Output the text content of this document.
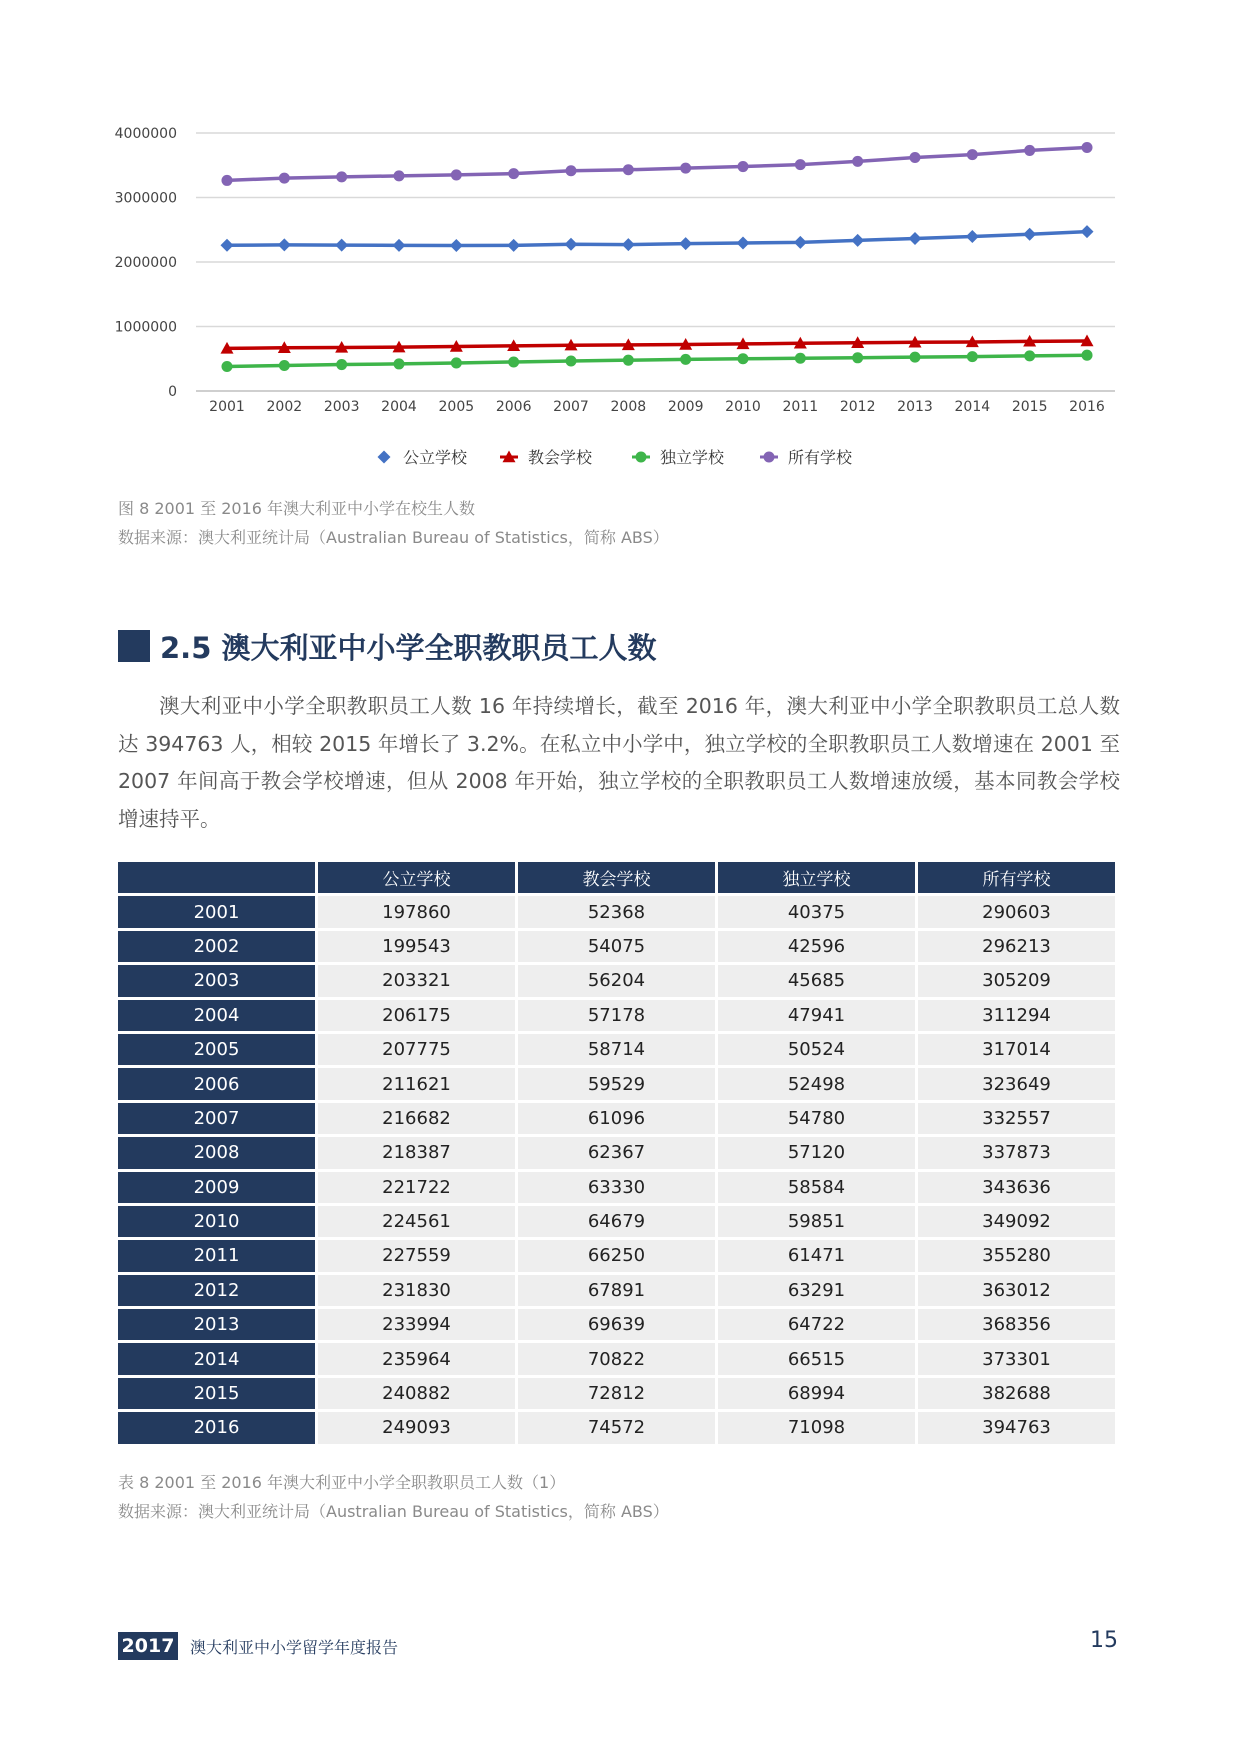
0
1000000
2000000
3000000
4000000
2001 2002 2003 2004 2005 2006 2007 2008 2009 2010 2011 2012 2013 2014 2015 2016
公立学校	教会学校	独立学校	所有学校
图 8 2001 至 2016 年澳大利亚中小学在校生人数
数据来源：澳大利亚统计局（Australian Bureau of Statistics，简称 ABS）
2.5 澳大利亚中小学全职教职员工人数

澳大利亚中小学全职教职员工人数 16 年持续增长，截至 2016 年，澳大利亚中小学全职教职员工总人数达 394763 人，相较 2015 年增长了 3.2%。在私立中小学中，独立学校的全职教职员工人数增速在 2001 至 2007 年间高于教会学校增速，但从 2008 年开始，独立学校的全职教职员工人数增速放缓，基本同教会学校增速持平。

	公立学校	教会学校	独立学校	所有学校
2001	197860	52368	40375	290603
2002	199543	54075	42596	296213
2003	203321	56204	45685	305209
2004	206175	57178	47941	311294
2005	207775	58714	50524	317014
2006	211621	59529	52498	323649
2007	216682	61096	54780	332557
2008	218387	62367	57120	337873
2009	221722	63330	58584	343636
2010	224561	64679	59851	349092
2011	227559	66250	61471	355280
2012	231830	67891	63291	363012
2013	233994	69639	64722	368356
2014	235964	70822	66515	373301
2015	240882	72812	68994	382688
2016	249093	74572	71098	394763
表 8 2001 至 2016 年澳大利亚中小学全职教职员工人数（1）
数据来源：澳大利亚统计局（Australian Bureau of Statistics，简称 ABS）
2017 澳大利亚中小学留学年度报告	15
